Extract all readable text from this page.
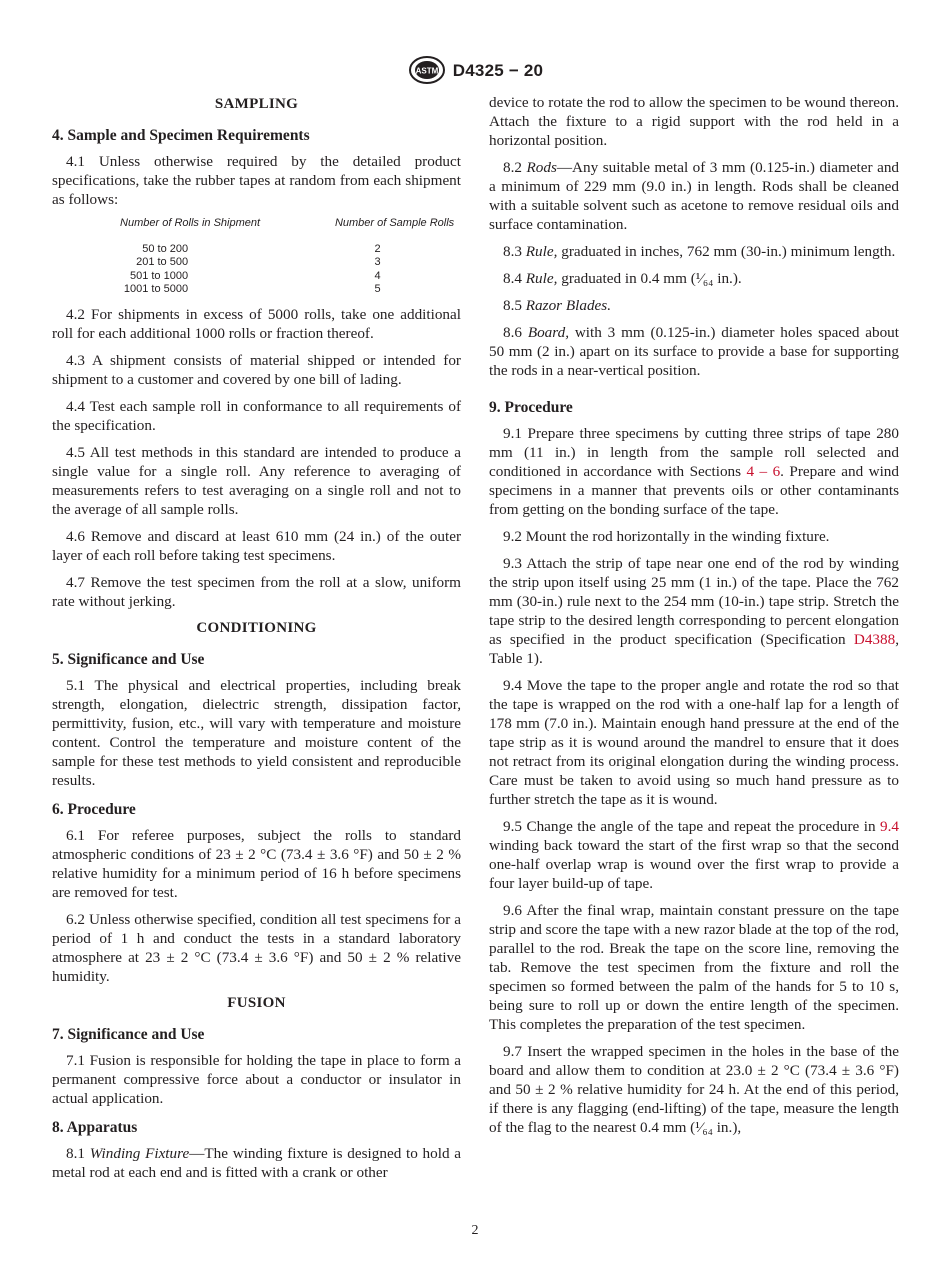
ASTM D4325 − 20
SAMPLING
4. Sample and Specimen Requirements

4.1 Unless otherwise required by the detailed product specifications, take the rubber tapes at random from each shipment as follows:

Number of Rolls in Shipment	Number of Sample Rolls
50 to 200	2
201 to 500	3
501 to 1000	4
1001 to 5000	5

4.2 For shipments in excess of 5000 rolls, take one additional roll for each additional 1000 rolls or fraction thereof.

4.3 A shipment consists of material shipped or intended for shipment to a customer and covered by one bill of lading.

4.4 Test each sample roll in conformance to all requirements of the specification.

4.5 All test methods in this standard are intended to produce a single value for a single roll. Any reference to averaging of measurements refers to test averaging on a single roll and not to the average of all sample rolls.

4.6 Remove and discard at least 610 mm (24 in.) of the outer layer of each roll before taking test specimens.

4.7 Remove the test specimen from the roll at a slow, uniform rate without jerking.

CONDITIONING
5. Significance and Use

5.1 The physical and electrical properties, including break strength, elongation, dielectric strength, dissipation factor, permittivity, fusion, etc., will vary with temperature and moisture content. Control the temperature and moisture content of the sample for these test methods to yield consistent and reproducible results.

6. Procedure

6.1 For referee purposes, subject the rolls to standard atmospheric conditions of 23 ± 2 °C (73.4 ± 3.6 °F) and 50 ± 2 % relative humidity for a minimum period of 16 h before specimens are removed for test.

6.2 Unless otherwise specified, condition all test specimens for a period of 1 h and conduct the tests in a standard laboratory atmosphere at 23 ± 2 °C (73.4 ± 3.6 °F) and 50 ± 2 % relative humidity.

FUSION
7. Significance and Use

7.1 Fusion is responsible for holding the tape in place to form a permanent compressive force about a conductor or insulator in actual application.

8. Apparatus

8.1 Winding Fixture—The winding fixture is designed to hold a metal rod at each end and is fitted with a crank or other

device to rotate the rod to allow the specimen to be wound thereon. Attach the fixture to a rigid support with the rod held in a horizontal position.

8.2 Rods—Any suitable metal of 3 mm (0.125-in.) diameter and a minimum of 229 mm (9.0 in.) in length. Rods shall be cleaned with a suitable solvent such as acetone to remove residual oils and surface contamination.

8.3 Rule, graduated in inches, 762 mm (30-in.) minimum length.

8.4 Rule, graduated in 0.4 mm (¹⁄₆₄ in.).

8.5 Razor Blades.

8.6 Board, with 3 mm (0.125-in.) diameter holes spaced about 50 mm (2 in.) apart on its surface to provide a base for supporting the rods in a near-vertical position.

9. Procedure

9.1 Prepare three specimens by cutting three strips of tape 280 mm (11 in.) in length from the sample roll selected and conditioned in accordance with Sections 4 – 6. Prepare and wind specimens in a manner that prevents oils or other contaminants from getting on the bonding surface of the tape.

9.2 Mount the rod horizontally in the winding fixture.

9.3 Attach the strip of tape near one end of the rod by winding the strip upon itself using 25 mm (1 in.) of the tape. Place the 762 mm (30-in.) rule next to the 254 mm (10-in.) tape strip. Stretch the tape strip to the desired length corresponding to percent elongation as specified in the product specification (Specification D4388, Table 1).

9.4 Move the tape to the proper angle and rotate the rod so that the tape is wrapped on the rod with a one-half lap for a length of 178 mm (7.0 in.). Maintain enough hand pressure at the end of the tape strip as it is wound around the mandrel to ensure that it does not retract from its original elongation during the winding process. Care must be taken to avoid using so much hand pressure as to further stretch the tape as it is wound.

9.5 Change the angle of the tape and repeat the procedure in 9.4 winding back toward the start of the first wrap so that the second one-half overlap wrap is wound over the first wrap to provide a four layer build-up of tape.

9.6 After the final wrap, maintain constant pressure on the tape strip and score the tape with a new razor blade at the top of the rod, parallel to the rod. Break the tape on the score line, removing the tab. Remove the test specimen from the fixture and roll the specimen so formed between the palm of the hands for 5 to 10 s, being sure to roll up or down the entire length of the specimen. This completes the preparation of the test specimen.

9.7 Insert the wrapped specimen in the holes in the base of the board and allow them to condition at 23.0 ± 2 °C (73.4 ± 3.6 °F) and 50 ± 2 % relative humidity for 24 h. At the end of this period, if there is any flagging (end-lifting) of the tape, measure the length of the flag to the nearest 0.4 mm (¹⁄₆₄ in.),

2
